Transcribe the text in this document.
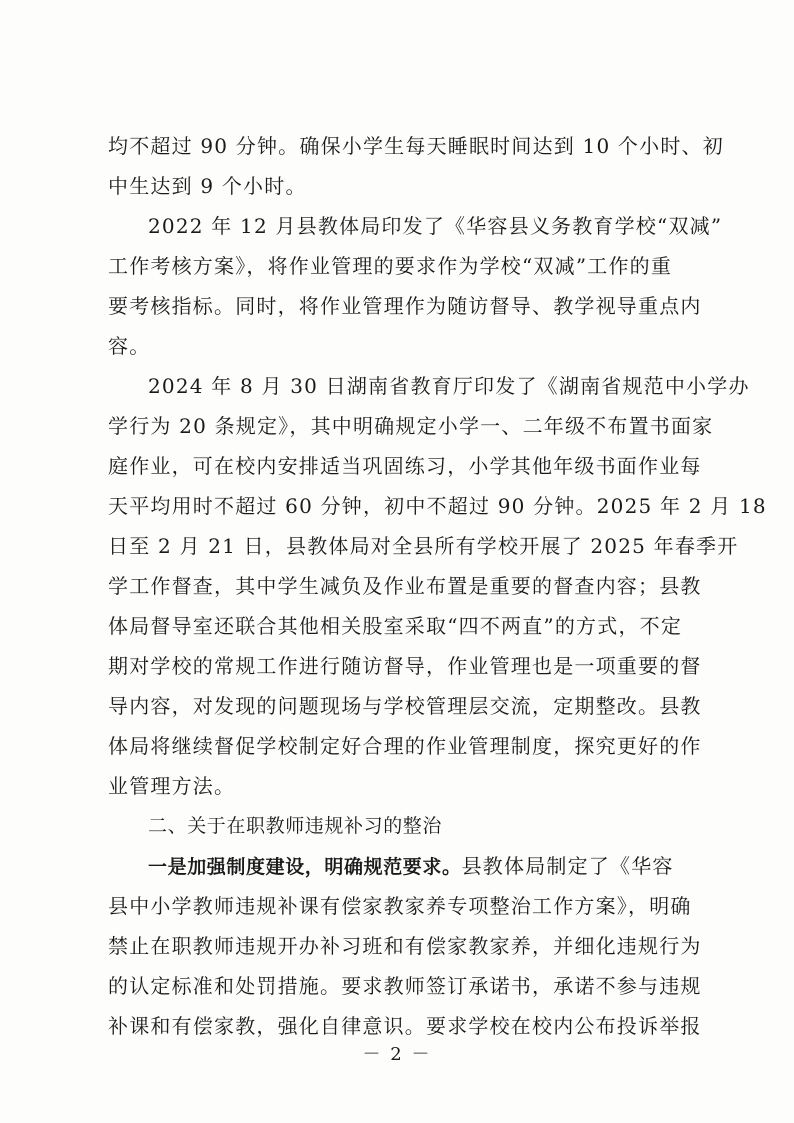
均不超过 90 分钟。确保小学生每天睡眠时间达到 10 个小时、初
中生达到 9 个小时。
2022 年 12 月县教体局印发了《华容县义务教育学校“双减”
工作考核方案》，将作业管理的要求作为学校“双减”工作的重
要考核指标。同时，将作业管理作为随访督导、教学视导重点内
容。
2024 年 8 月 30 日湖南省教育厅印发了《湖南省规范中小学办
学行为 20 条规定》，其中明确规定小学一、二年级不布置书面家
庭作业，可在校内安排适当巩固练习，小学其他年级书面作业每
天平均用时不超过 60 分钟，初中不超过 90 分钟。2025 年 2 月 18
日至 2 月 21 日，县教体局对全县所有学校开展了 2025 年春季开
学工作督查，其中学生减负及作业布置是重要的督查内容；县教
体局督导室还联合其他相关股室采取“四不两直”的方式，不定
期对学校的常规工作进行随访督导，作业管理也是一项重要的督
导内容，对发现的问题现场与学校管理层交流，定期整改。县教
体局将继续督促学校制定好合理的作业管理制度，探究更好的作
业管理方法。
二、关于在职教师违规补习的整治
一是加强制度建设，明确规范要求。县教体局制定了《华容
县中小学教师违规补课有偿家教家养专项整治工作方案》，明确
禁止在职教师违规开办补习班和有偿家教家养，并细化违规行为
的认定标准和处罚措施。要求教师签订承诺书，承诺不参与违规
补课和有偿家教，强化自律意识。要求学校在校内公布投诉举报
－ 2 －
